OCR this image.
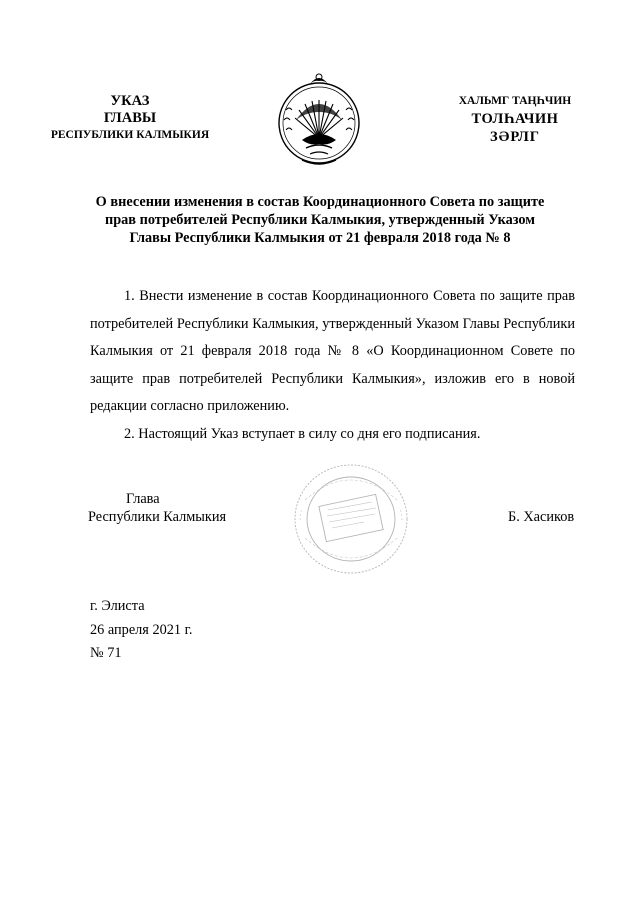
УКАЗ
ГЛАВЫ
РЕСПУБЛИКИ КАЛМЫКИЯ
ХАЛЬМГ ТАҢҺЧИН
ТОЛҺАЧИН
ЗӘРЛГ
О внесении изменения в состав Координационного Совета по защите
прав потребителей Республики Калмыкия, утвержденный Указом
Главы Республики Калмыкия от 21 февраля 2018 года № 8

1. Внести изменение в состав Координационного Совета по защите прав потребителей Республики Калмыкия, утвержденный Указом Главы Республики Калмыкия от 21 февраля 2018 года № 8 «О Координационном Совете по защите прав потребителей Республики Калмыкия», изложив его в новой редакции согласно приложению.

2. Настоящий Указ вступает в силу со дня его подписания.

Глава
Республики Калмыкия	Б. Хасиков
г. Элиста
26 апреля 2021 г.
№ 71
